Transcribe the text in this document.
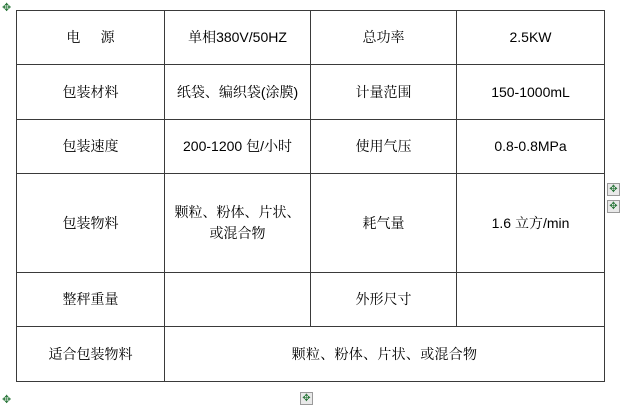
✥
✥
✥
✥
✥
电　源	单相380V/50HZ	总功率	2.5KW
包装材料	纸袋、编织袋(涂膜)	计量范围	150-1000mL
包装速度	200-1200 包/小时	使用气压	0.8-0.8MPa
包装物料	颗粒、粉体、片状、或混合物	耗气量	1.6 立方/min
整秤重量		外形尺寸	
适合包装物料	颗粒、粉体、片状、或混合物		
